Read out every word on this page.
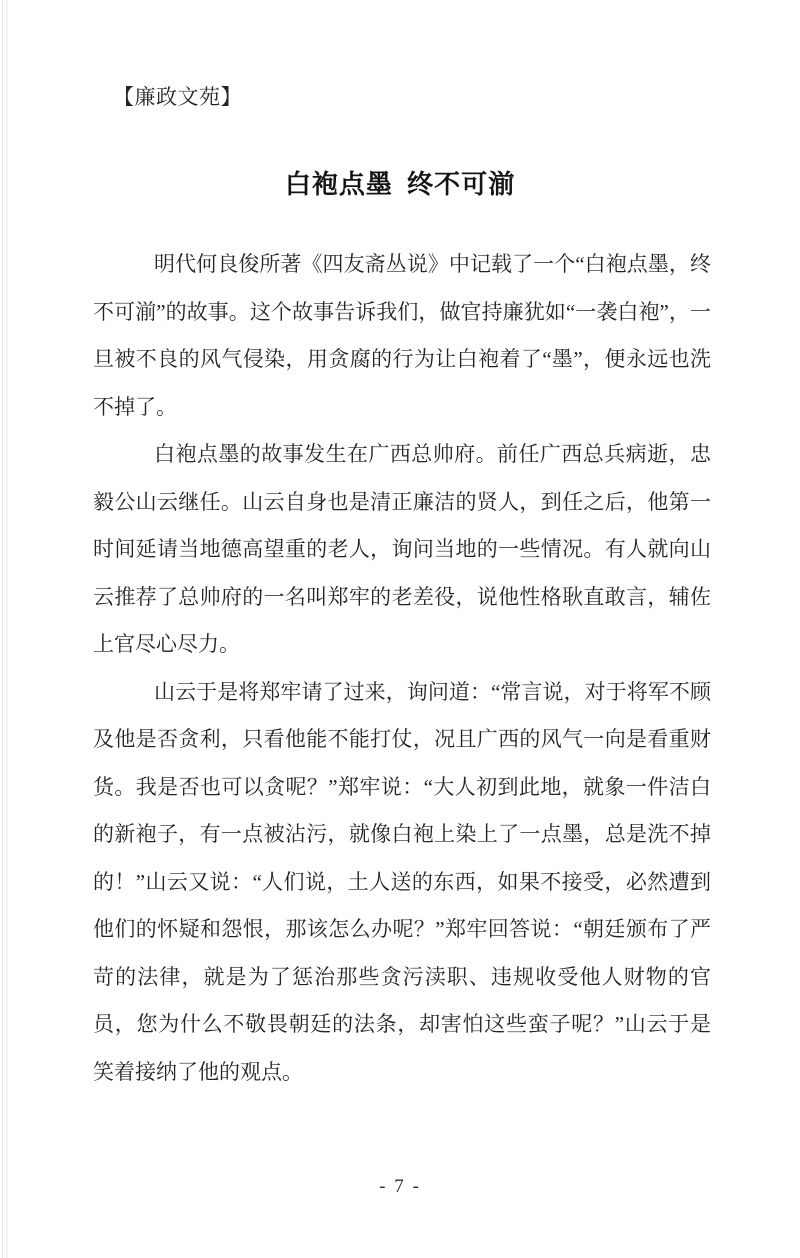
【廉政文苑】
白袍点墨 终不可湔

明代何良俊所著《四友斋丛说》中记载了一个“白袍点墨，终不可湔”的故事。这个故事告诉我们，做官持廉犹如“一袭白袍”，一旦被不良的风气侵染，用贪腐的行为让白袍着了“墨”，便永远也洗不掉了。

白袍点墨的故事发生在广西总帅府。前任广西总兵病逝，忠毅公山云继任。山云自身也是清正廉洁的贤人，到任之后，他第一时间延请当地德高望重的老人，询问当地的一些情况。有人就向山云推荐了总帅府的一名叫郑牢的老差役，说他性格耿直敢言，辅佐上官尽心尽力。

山云于是将郑牢请了过来，询问道：“常言说，对于将军不顾及他是否贪利，只看他能不能打仗，况且广西的风气一向是看重财货。我是否也可以贪呢？”郑牢说：“大人初到此地，就象一件洁白的新袍子，有一点被沾污，就像白袍上染上了一点墨，总是洗不掉的！”山云又说：“人们说，土人送的东西，如果不接受，必然遭到他们的怀疑和怨恨，那该怎么办呢？”郑牢回答说：“朝廷颁布了严苛的法律，就是为了惩治那些贪污渎职、违规收受他人财物的官员，您为什么不敬畏朝廷的法条，却害怕这些蛮子呢？”山云于是笑着接纳了他的观点。

- 7 -
